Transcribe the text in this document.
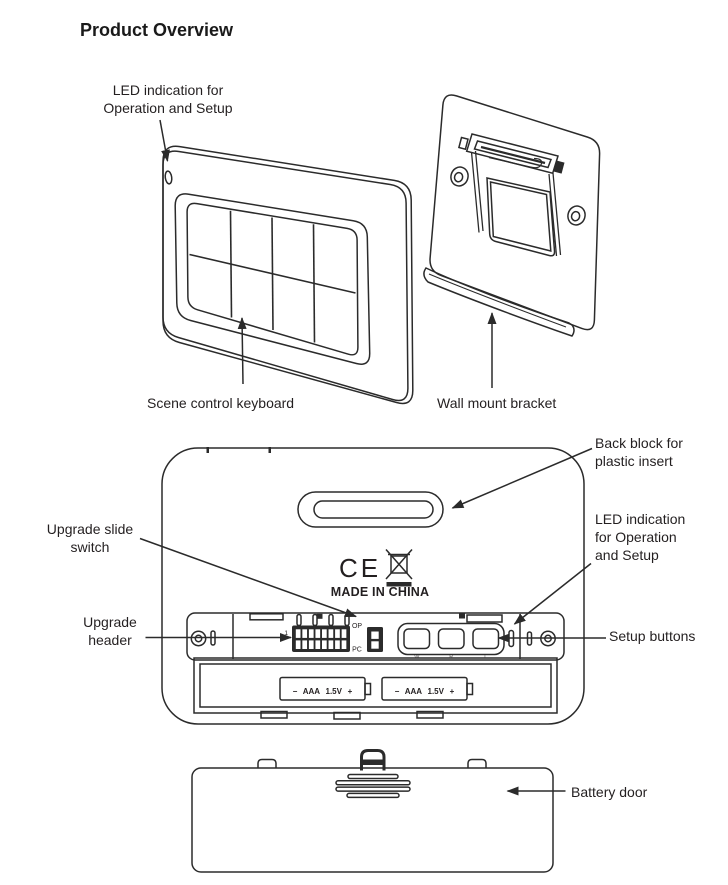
CE
MADE IN CHINA
1
OP
PC
W	R	L
− AAA 1.5V +	− AAA 1.5V +
Product Overview
LED indication for
Operation and Setup
Scene control keyboard	Wall mount bracket
Back block for
plastic insert
Upgrade slide
switch
LED indication
for Operation
and Setup
Upgrade
header	Setup buttons
Battery door
